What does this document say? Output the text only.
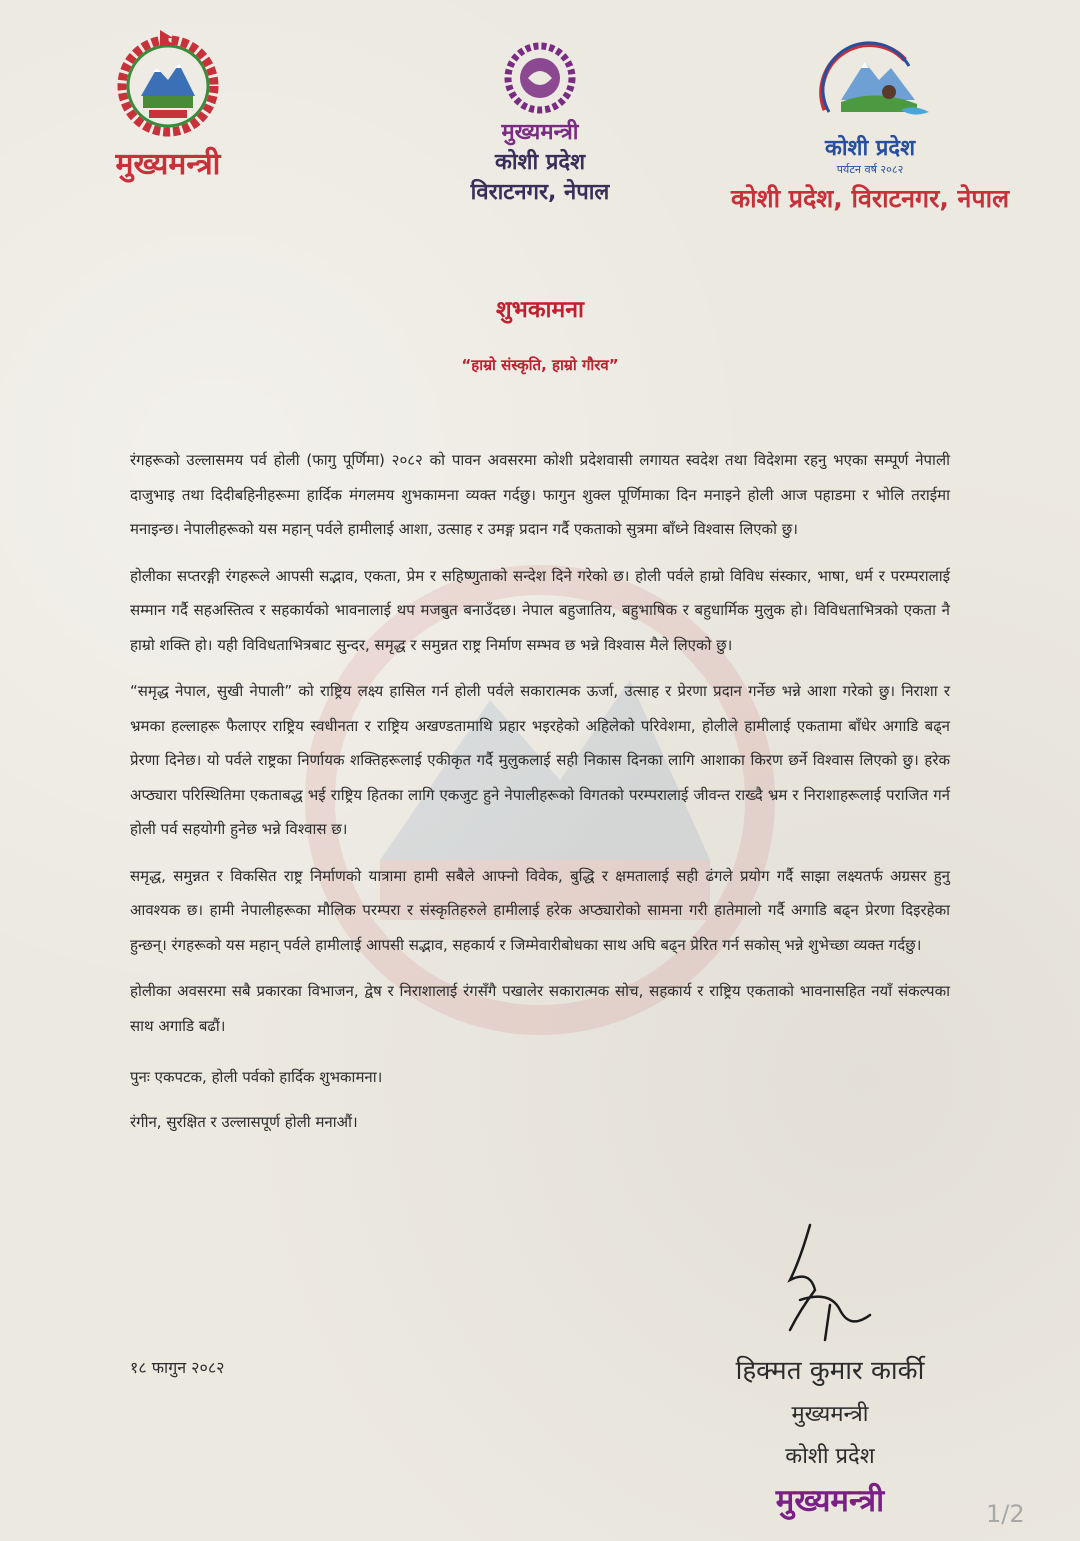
मुख्यमन्त्री
मुख्यमन्त्री
कोशी प्रदेश
विराटनगर, नेपाल
कोशी प्रदेश
पर्यटन वर्ष २०८२
कोशी प्रदेश, विराटनगर, नेपाल
शुभकामना
“हाम्रो संस्कृति, हाम्रो गौरव”

रंगहरूको उल्लासमय पर्व होली (फागु पूर्णिमा) २०८२ को पावन अवसरमा कोशी प्रदेशवासी लगायत स्वदेश तथा विदेशमा रहनु भएका सम्पूर्ण नेपाली दाजुभाइ तथा दिदीबहिनीहरूमा हार्दिक मंगलमय शुभकामना व्यक्त गर्दछु। फागुन शुक्ल पूर्णिमाका दिन मनाइने होली आज पहाडमा र भोलि तराईमा मनाइन्छ। नेपालीहरूको यस महान् पर्वले हामीलाई आशा, उत्साह र उमङ्ग प्रदान गर्दै एकताको सुत्रमा बाँध्ने विश्वास लिएको छु।

होलीका सप्तरङ्गी रंगहरूले आपसी सद्भाव, एकता, प्रेम र सहिष्णुताको सन्देश दिने गरेको छ। होली पर्वले हाम्रो विविध संस्कार, भाषा, धर्म र परम्परालाई सम्मान गर्दै सहअस्तित्व र सहकार्यको भावनालाई थप मजबुत बनाउँदछ। नेपाल बहुजातिय, बहुभाषिक र बहुधार्मिक मुलुक हो। विविधताभित्रको एकता नै हाम्रो शक्ति हो। यही विविधताभित्रबाट सुन्दर, समृद्ध र समुन्नत राष्ट्र निर्माण सम्भव छ भन्ने विश्वास मैले लिएको छु।

“समृद्ध नेपाल, सुखी नेपाली” को राष्ट्रिय लक्ष्य हासिल गर्न होली पर्वले सकारात्मक ऊर्जा, उत्साह र प्रेरणा प्रदान गर्नेछ भन्ने आशा गरेको छु। निराशा र भ्रमका हल्लाहरू फैलाएर राष्ट्रिय स्वधीनता र राष्ट्रिय अखण्डतामाथि प्रहार भइरहेको अहिलेको परिवेशमा, होलीले हामीलाई एकतामा बाँधेर अगाडि बढ्न प्रेरणा दिनेछ। यो पर्वले राष्ट्रका निर्णायक शक्तिहरूलाई एकीकृत गर्दै मुलुकलाई सही निकास दिनका लागि आशाका किरण छर्ने विश्वास लिएको छु। हरेक अप्ठ्यारा परिस्थितिमा एकताबद्ध भई राष्ट्रिय हितका लागि एकजुट हुने नेपालीहरूको विगतको परम्परालाई जीवन्त राख्दै भ्रम र निराशाहरूलाई पराजित गर्न होली पर्व सहयोगी हुनेछ भन्ने विश्वास छ।

समृद्ध, समुन्नत र विकसित राष्ट्र निर्माणको यात्रामा हामी सबैले आफ्नो विवेक, बुद्धि र क्षमतालाई सही ढंगले प्रयोग गर्दै साझा लक्ष्यतर्फ अग्रसर हुनु आवश्यक छ। हामी नेपालीहरूका मौलिक परम्परा र संस्कृतिहरुले हामीलाई हरेक अप्ठ्यारोको सामना गरी हातेमालो गर्दै अगाडि बढ्न प्रेरणा दिइरहेका हुन्छन्। रंगहरूको यस महान् पर्वले हामीलाई आपसी सद्भाव, सहकार्य र जिम्मेवारीबोधका साथ अघि बढ्न प्रेरित गर्न सकोस् भन्ने शुभेच्छा व्यक्त गर्दछु।

होलीका अवसरमा सबै प्रकारका विभाजन, द्वेष र निराशालाई रंगसँगै पखालेर सकारात्मक सोच, सहकार्य र राष्ट्रिय एकताको भावनासहित नयाँ संकल्पका साथ अगाडि बढौं।

पुनः एकपटक, होली पर्वको हार्दिक शुभकामना।

रंगीन, सुरक्षित र उल्लासपूर्ण होली मनाऔं।

१८ फागुन २०८२	हिक्मत कुमार कार्की
मुख्यमन्त्री
कोशी प्रदेश
मुख्यमन्त्री	1/2
